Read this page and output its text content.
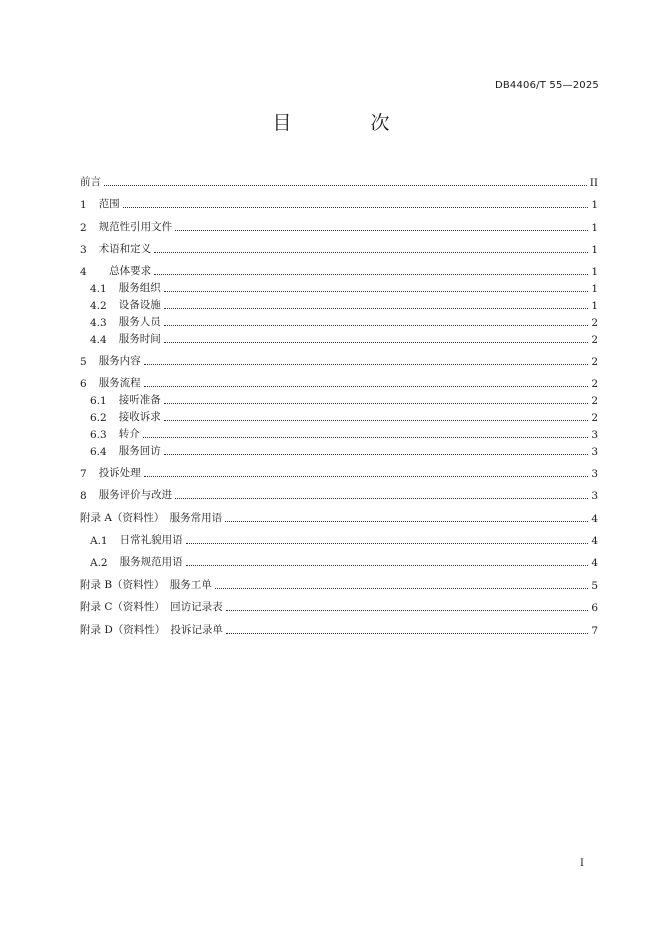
DB4406/T 55—2025
目　次
前言	II
1 范围	1
2 规范性引用文件	1
3 术语和定义	1
4 　总体要求	1
4.1 服务组织	1
4.2 设备设施	1
4.3 服务人员	2
4.4 服务时间	2
5 服务内容	2
6 服务流程	2
6.1 接听准备	2
6.2 接收诉求	2
6.3 转介	3
6.4 服务回访	3
7 投诉处理	3
8 服务评价与改进	3
附录 A（资料性）　服务常用语	4
A.1 日常礼貌用语	4
A.2 服务规范用语	4
附录 B（资料性）　服务工单	5
附录 C（资料性）　回访记录表	6
附录 D（资料性）　投诉记录单	7
I
